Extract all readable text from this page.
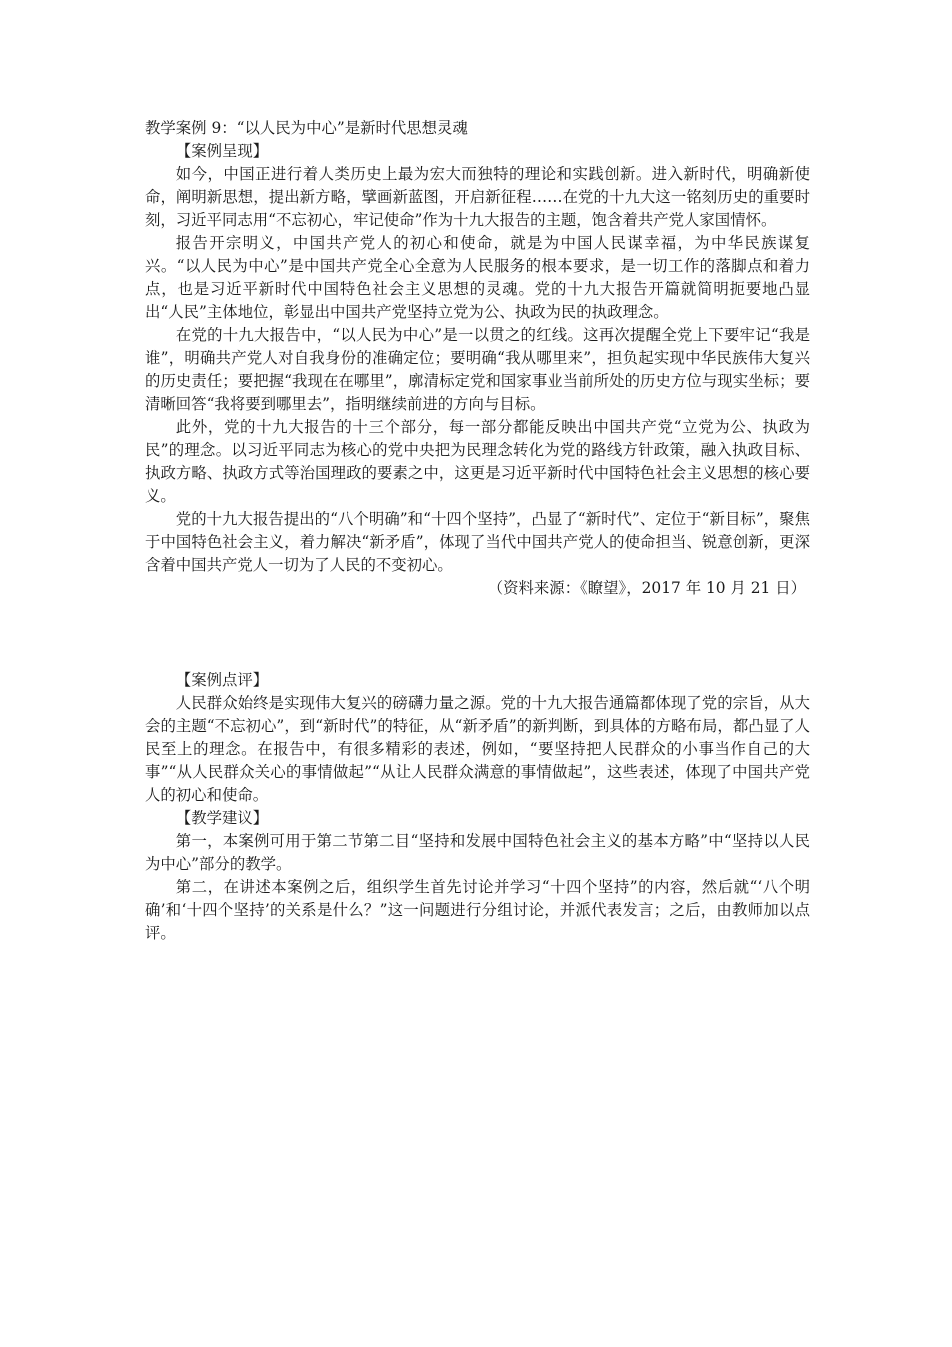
教学案例 9：“以人民为中心”是新时代思想灵魂

【案例呈现】

如今，中国正进行着人类历史上最为宏大而独特的理论和实践创新。进入新时代，明确新使命，阐明新思想，提出新方略，擘画新蓝图，开启新征程……在党的十九大这一铭刻历史的重要时刻，习近平同志用“不忘初心，牢记使命”作为十九大报告的主题，饱含着共产党人家国情怀。

报告开宗明义，中国共产党人的初心和使命，就是为中国人民谋幸福，为中华民族谋复兴。“以人民为中心”是中国共产党全心全意为人民服务的根本要求，是一切工作的落脚点和着力点，也是习近平新时代中国特色社会主义思想的灵魂。党的十九大报告开篇就简明扼要地凸显出“人民”主体地位，彰显出中国共产党坚持立党为公、执政为民的执政理念。

在党的十九大报告中，“以人民为中心”是一以贯之的红线。这再次提醒全党上下要牢记“我是谁”，明确共产党人对自我身份的准确定位；要明确“我从哪里来”，担负起实现中华民族伟大复兴的历史责任；要把握“我现在在哪里”，廓清标定党和国家事业当前所处的历史方位与现实坐标；要清晰回答“我将要到哪里去”，指明继续前进的方向与目标。

此外，党的十九大报告的十三个部分，每一部分都能反映出中国共产党“立党为公、执政为民”的理念。以习近平同志为核心的党中央把为民理念转化为党的路线方针政策，融入执政目标、执政方略、执政方式等治国理政的要素之中，这更是习近平新时代中国特色社会主义思想的核心要义。

党的十九大报告提出的“八个明确”和“十四个坚持”，凸显了“新时代”、定位于“新目标”，聚焦于中国特色社会主义，着力解决“新矛盾”，体现了当代中国共产党人的使命担当、锐意创新，更深含着中国共产党人一切为了人民的不变初心。

（资料来源：《瞭望》，2017 年 10 月 21 日）

【案例点评】

人民群众始终是实现伟大复兴的磅礴力量之源。党的十九大报告通篇都体现了党的宗旨，从大会的主题“不忘初心”，到“新时代”的特征，从“新矛盾”的新判断，到具体的方略布局，都凸显了人民至上的理念。在报告中，有很多精彩的表述，例如，“要坚持把人民群众的小事当作自己的大事”“从人民群众关心的事情做起”“从让人民群众满意的事情做起”，这些表述，体现了中国共产党人的初心和使命。

【教学建议】

第一，本案例可用于第二节第二目“坚持和发展中国特色社会主义的基本方略”中“坚持以人民为中心”部分的教学。

第二，在讲述本案例之后，组织学生首先讨论并学习“十四个坚持”的内容，然后就“‘八个明确’和‘十四个坚持’的关系是什么？”这一问题进行分组讨论，并派代表发言；之后，由教师加以点评。
